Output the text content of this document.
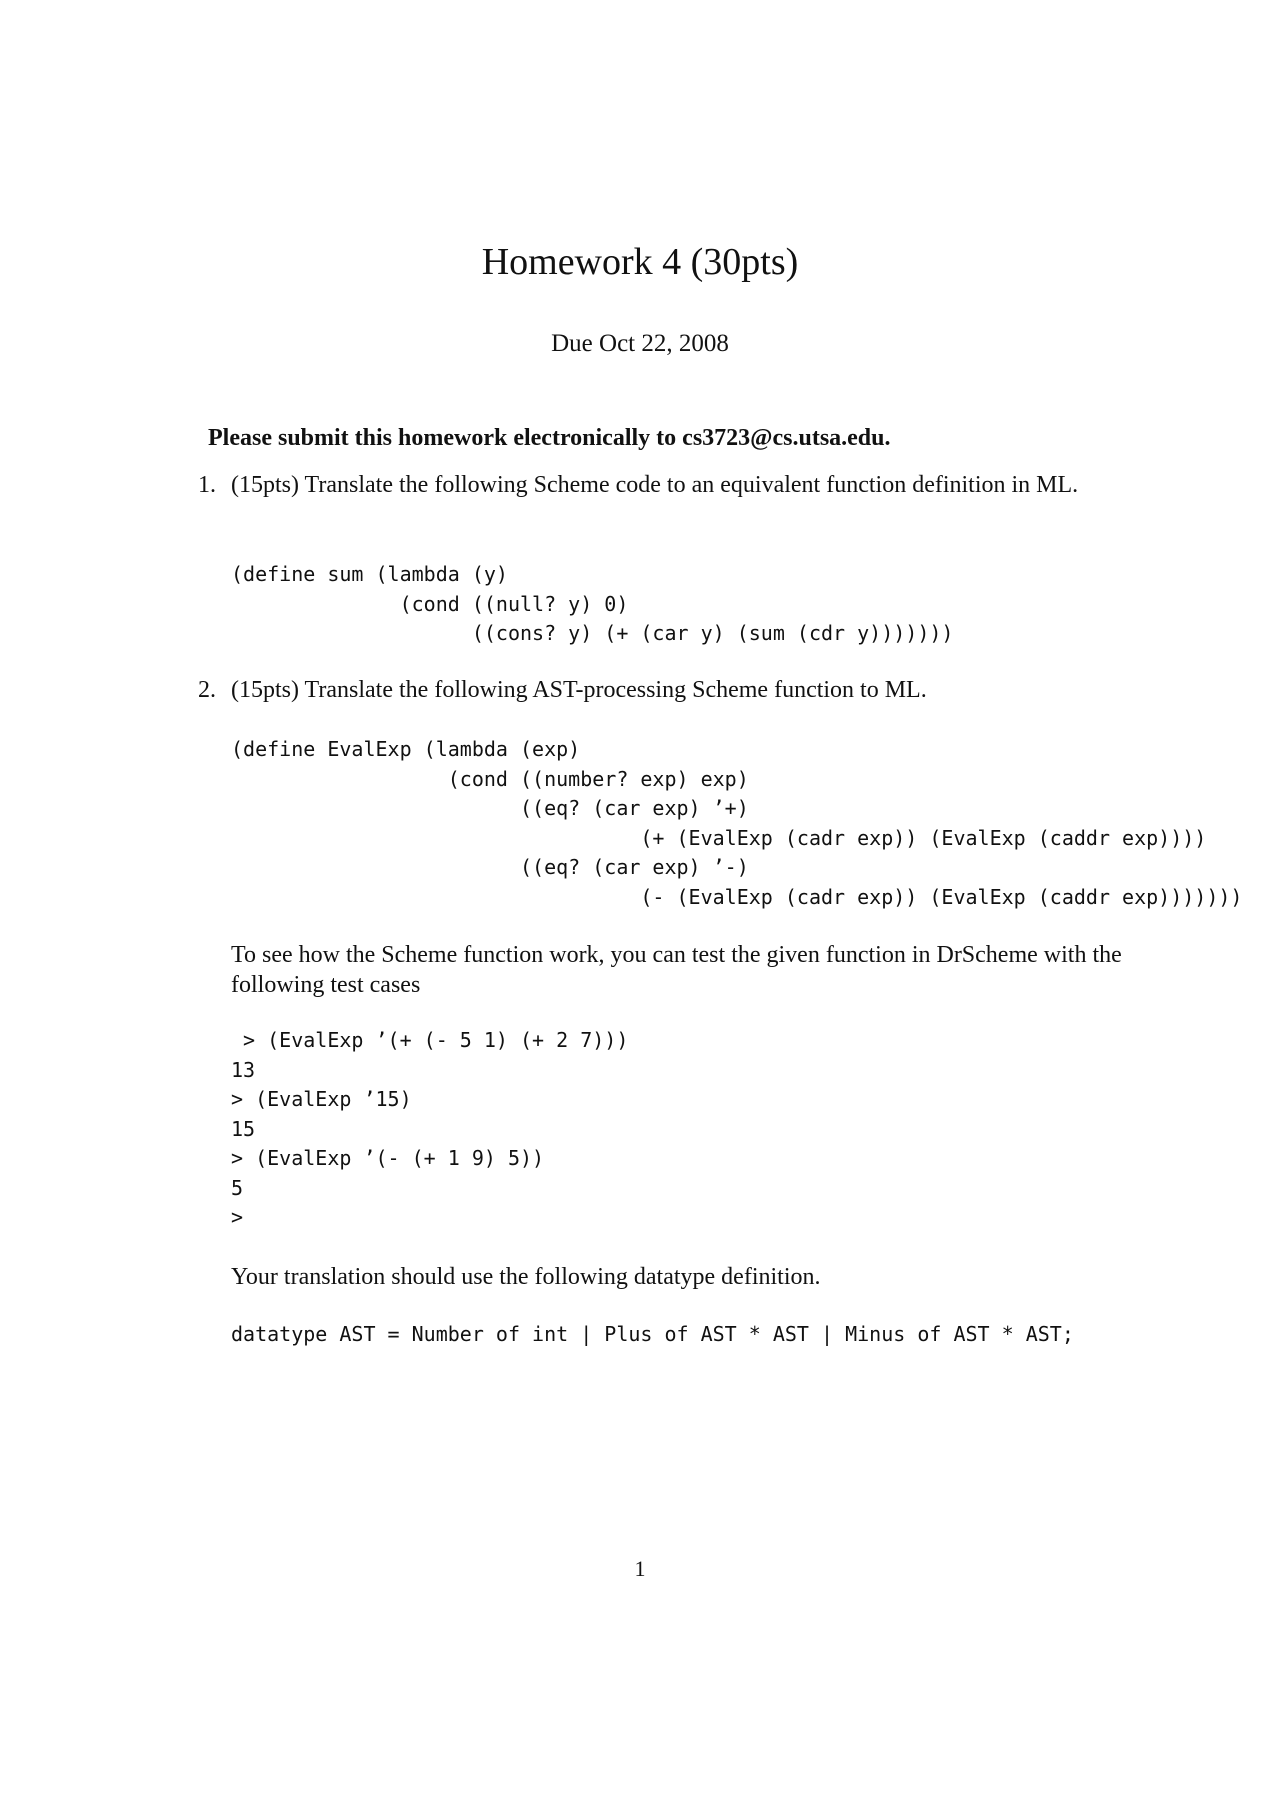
Homework 4 (30pts)
Due Oct 22, 2008
Please submit this homework electronically to cs3723@cs.utsa.edu.
1. (15pts) Translate the following Scheme code to an equivalent function definition in ML.
(define sum (lambda (y)
(cond ((null? y) 0)
((cons? y) (+ (car y) (sum (cdr y)))))))
2. (15pts) Translate the following AST-processing Scheme function to ML.
(define EvalExp (lambda (exp)
(cond ((number? exp) exp)
((eq? (car exp) ’+)
(+ (EvalExp (cadr exp)) (EvalExp (caddr exp))))
((eq? (car exp) ’-)
(- (EvalExp (cadr exp)) (EvalExp (caddr exp)))))))
To see how the Scheme function work, you can test the given function in DrScheme with the following test cases
> (EvalExp ’(+ (- 5 1) (+ 2 7)))
13
> (EvalExp ’15)
15
> (EvalExp ’(- (+ 1 9) 5))
5
>
Your translation should use the following datatype definition.
datatype AST = Number of int | Plus of AST * AST | Minus of AST * AST;
1
